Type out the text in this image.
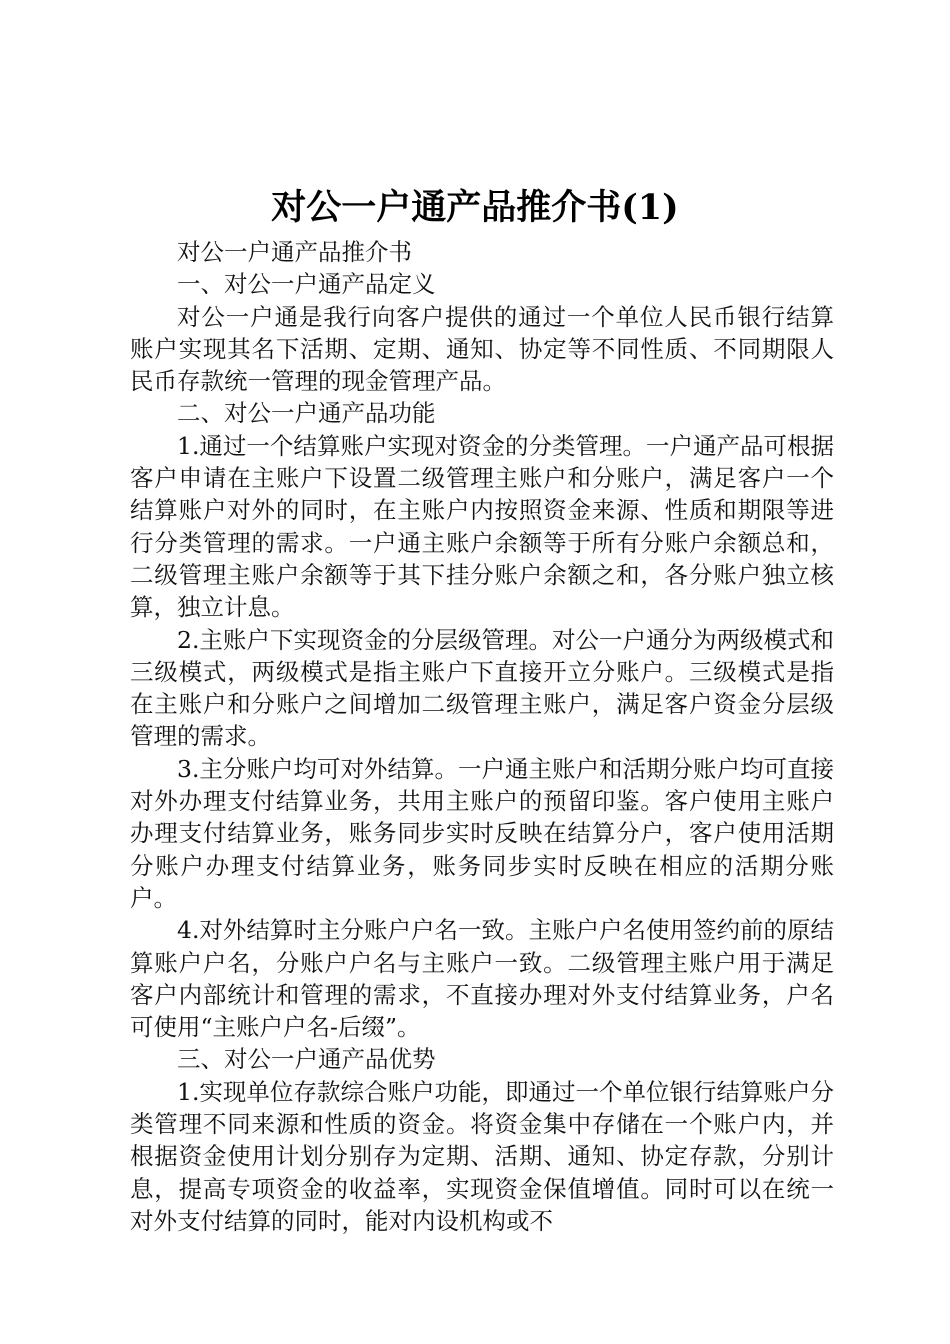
对公一户通产品推介书(1)

对公一户通产品推介书

一、对公一户通产品定义

对公一户通是我行向客户提供的通过一个单位人民币银行结算账户实现其名下活期、定期、通知、协定等不同性质、不同期限人民币存款统一管理的现金管理产品。

二、对公一户通产品功能

1.通过一个结算账户实现对资金的分类管理。一户通产品可根据客户申请在主账户下设置二级管理主账户和分账户，满足客户一个结算账户对外的同时，在主账户内按照资金来源、性质和期限等进行分类管理的需求。一户通主账户余额等于所有分账户余额总和，二级管理主账户余额等于其下挂分账户余额之和，各分账户独立核算，独立计息。

2.主账户下实现资金的分层级管理。对公一户通分为两级模式和三级模式，两级模式是指主账户下直接开立分账户。三级模式是指在主账户和分账户之间增加二级管理主账户，满足客户资金分层级管理的需求。

3.主分账户均可对外结算。一户通主账户和活期分账户均可直接对外办理支付结算业务，共用主账户的预留印鉴。客户使用主账户办理支付结算业务，账务同步实时反映在结算分户，客户使用活期分账户办理支付结算业务，账务同步实时反映在相应的活期分账户。

4.对外结算时主分账户户名一致。主账户户名使用签约前的原结算账户户名，分账户户名与主账户一致。二级管理主账户用于满足客户内部统计和管理的需求，不直接办理对外支付结算业务，户名可使用“主账户户名-后缀”。

三、对公一户通产品优势

1.实现单位存款综合账户功能，即通过一个单位银行结算账户分类管理不同来源和性质的资金。将资金集中存储在一个账户内，并根据资金使用计划分别存为定期、活期、通知、协定存款，分别计息，提高专项资金的收益率，实现资金保值增值。同时可以在统一对外支付结算的同时，能对内设机构或不
